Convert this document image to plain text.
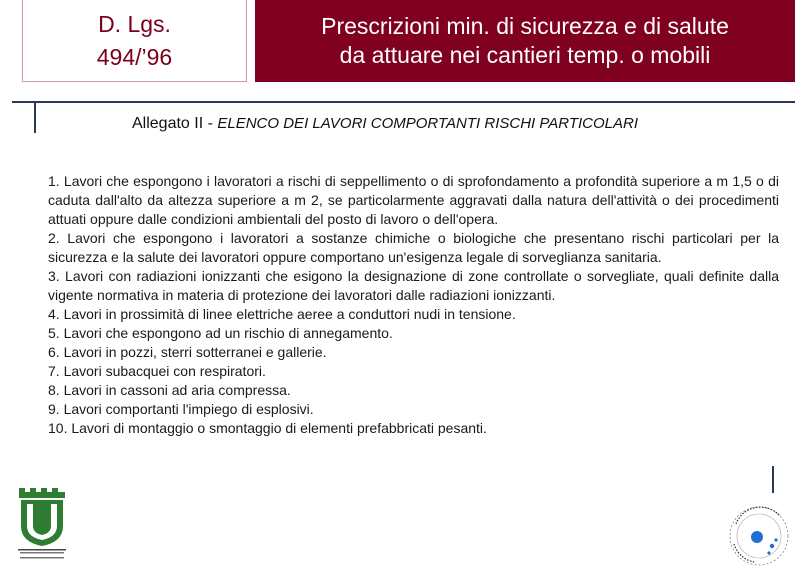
D. Lgs.
494/’96
Prescrizioni min. di sicurezza e di salute
da attuare nei cantieri temp. o mobili
Allegato II - ELENCO DEI LAVORI COMPORTANTI RISCHI PARTICOLARI

1. Lavori che espongono i lavoratori a rischi di seppellimento o di sprofondamento a profondità superiore a m 1,5 o di caduta dall'alto da altezza superiore a m 2, se particolarmente aggravati dalla natura dell'attività o dei procedimenti attuati oppure dalle condizioni ambientali del posto di lavoro o dell'opera.

2. Lavori che espongono i lavoratori a sostanze chimiche o biologiche che presentano rischi particolari per la sicurezza e la salute dei lavoratori oppure comportano un'esigenza legale di sorveglianza sanitaria.

3. Lavori con radiazioni ionizzanti che esigono la designazione di zone controllate o sorvegliate, quali definite dalla vigente normativa in materia di protezione dei lavoratori dalle radiazioni ionizzanti.

4. Lavori in prossimità di linee elettriche aeree a conduttori nudi in tensione.

5. Lavori che espongono ad un rischio di annegamento.

6. Lavori in pozzi, sterri sotterranei e gallerie.

7. Lavori subacquei con respiratori.

8. Lavori in cassoni ad aria compressa.

9. Lavori comportanti l'impiego di esplosivi.

10. Lavori di montaggio o smontaggio di elementi prefabbricati pesanti.
